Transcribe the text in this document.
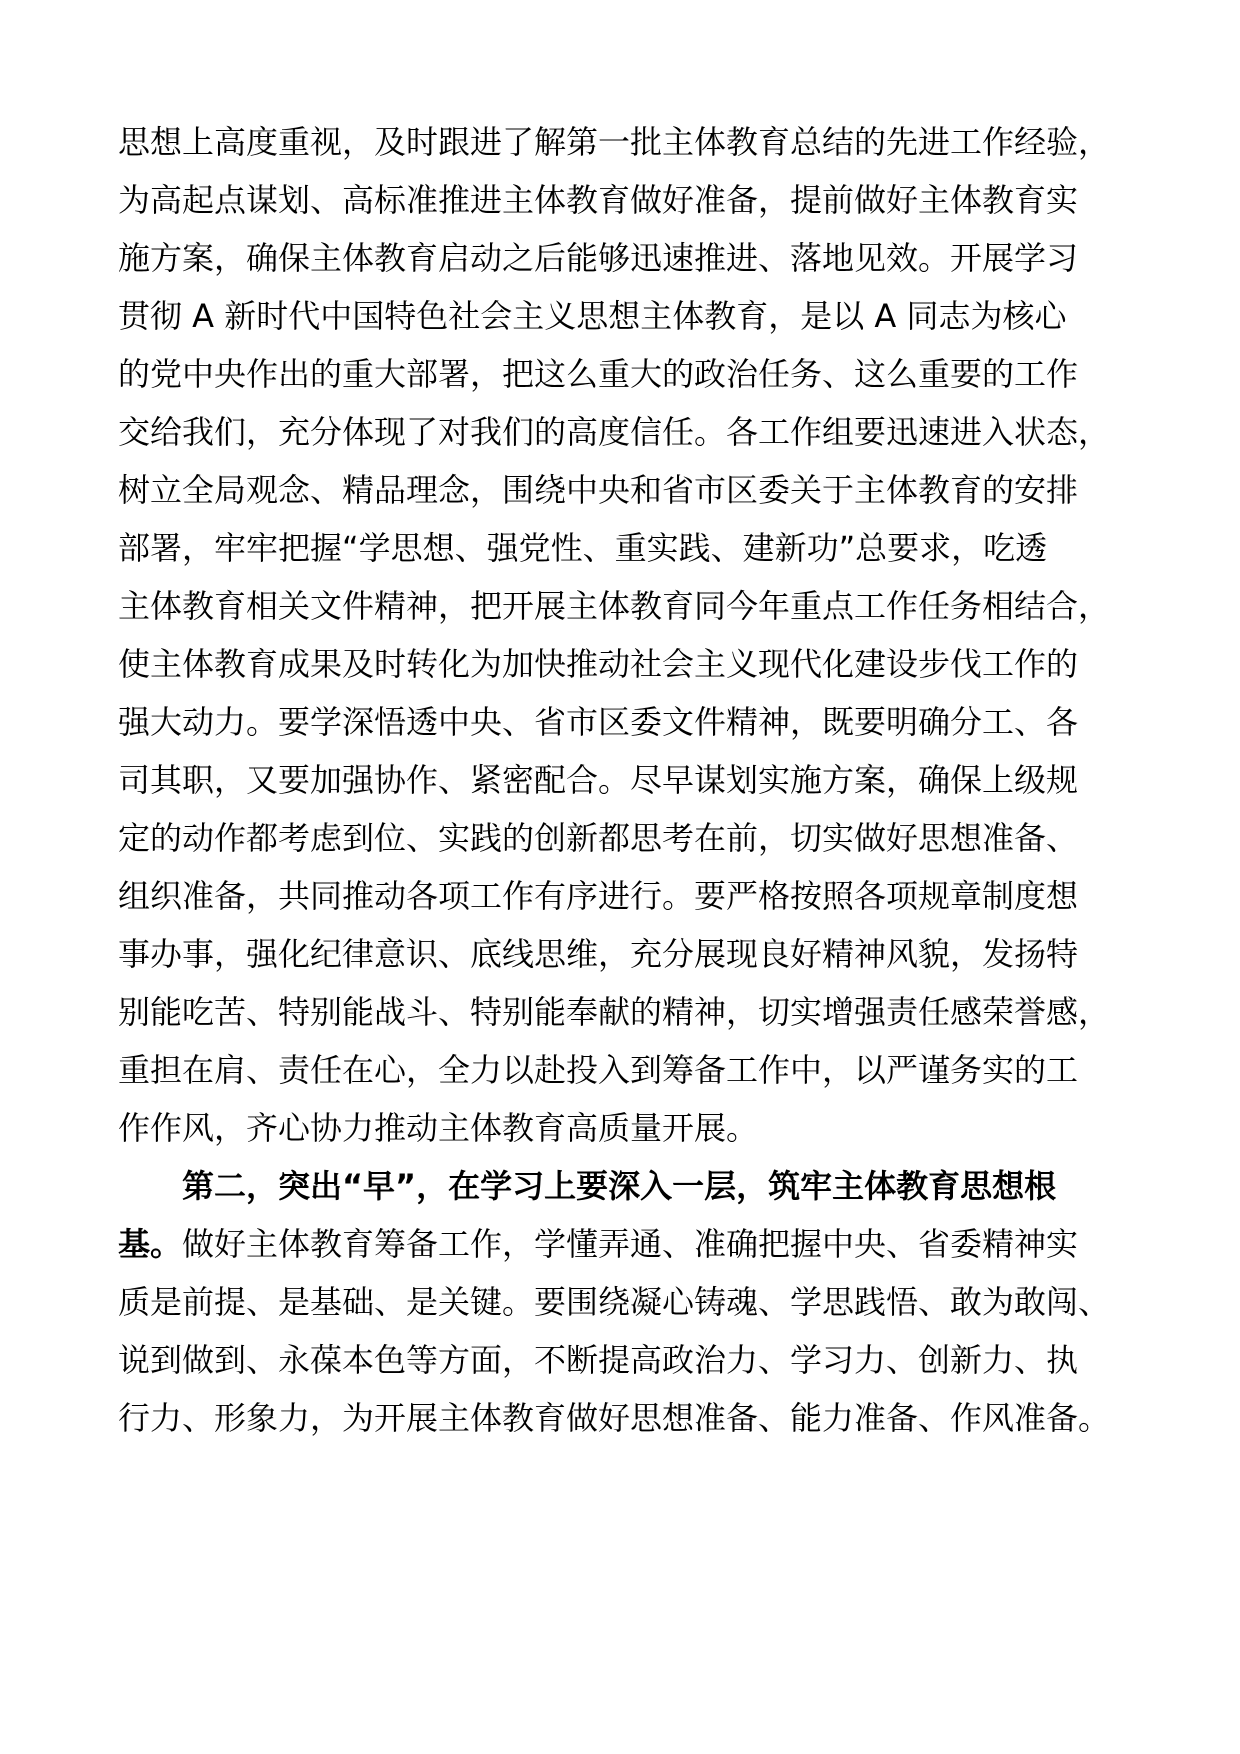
思想上高度重视，及时跟进了解第一批主体教育总结的先进工作经验，
为高起点谋划、高标准推进主体教育做好准备，提前做好主体教育实
施方案，确保主体教育启动之后能够迅速推进、落地见效。开展学习
贯彻 A 新时代中国特色社会主义思想主体教育，是以 A 同志为核心
的党中央作出的重大部署，把这么重大的政治任务、这么重要的工作
交给我们，充分体现了对我们的高度信任。各工作组要迅速进入状态，
树立全局观念、精品理念，围绕中央和省市区委关于主体教育的安排
部署，牢牢把握“学思想、强党性、重实践、建新功”总要求，吃透
主体教育相关文件精神，把开展主体教育同今年重点工作任务相结合，
使主体教育成果及时转化为加快推动社会主义现代化建设步伐工作的
强大动力。要学深悟透中央、省市区委文件精神，既要明确分工、各
司其职，又要加强协作、紧密配合。尽早谋划实施方案，确保上级规
定的动作都考虑到位、实践的创新都思考在前，切实做好思想准备、
组织准备，共同推动各项工作有序进行。要严格按照各项规章制度想
事办事，强化纪律意识、底线思维，充分展现良好精神风貌，发扬特
别能吃苦、特别能战斗、特别能奉献的精神，切实增强责任感荣誉感，
重担在肩、责任在心，全力以赴投入到筹备工作中，以严谨务实的工
作作风，齐心协力推动主体教育高质量开展。
第二，突出“早”，在学习上要深入一层，筑牢主体教育思想根
基。做好主体教育筹备工作，学懂弄通、准确把握中央、省委精神实
质是前提、是基础、是关键。要围绕凝心铸魂、学思践悟、敢为敢闯、
说到做到、永葆本色等方面，不断提高政治力、学习力、创新力、执
行力、形象力，为开展主体教育做好思想准备、能力准备、作风准备。
